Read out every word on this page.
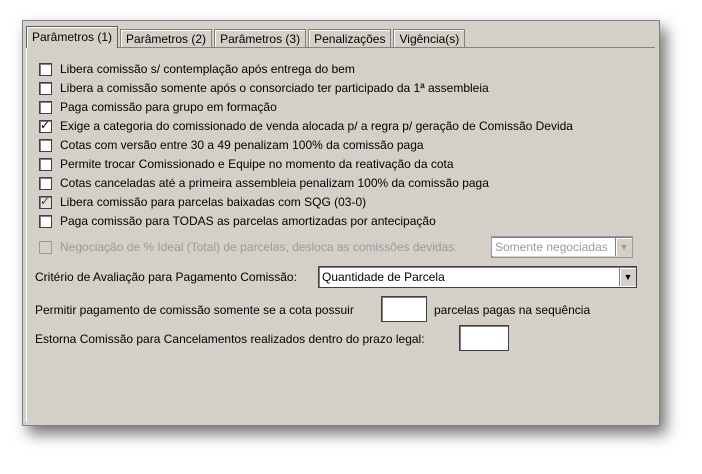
Parâmetros (1)	Parâmetros (2)	Parâmetros (3)	Penalizações	Vigência(s)
Libera comissão s/ contemplação após entrega do bem
Libera a comissão somente após o consorciado ter participado da 1ª assembleia
Paga comissão para grupo em formação
✓
Exige a categoria do comissionado de venda alocada p/ a regra p/ geração de Comissão Devida
Cotas com versão entre 30 a 49 penalizam 100% da comissão paga
Permite trocar Comissionado e Equipe no momento da reativação da cota
Cotas canceladas até a primeira assembleia penalizam 100% da comissão paga
✓
Libera comissão para parcelas baixadas com SQG (03-0)
Paga comissão para TODAS as parcelas amortizadas por antecipação
Negociação de % Ideal (Total) de parcelas, desloca as comissões devidas:	Somente negociadas	▼
Critério de Avaliação para Pagamento Comissão: Quantidade de Parcela	▼
Permitir pagamento de comissão somente se a cota possuir	parcelas pagas na sequência
Estorna Comissão para Cancelamentos realizados dentro do prazo legal:
